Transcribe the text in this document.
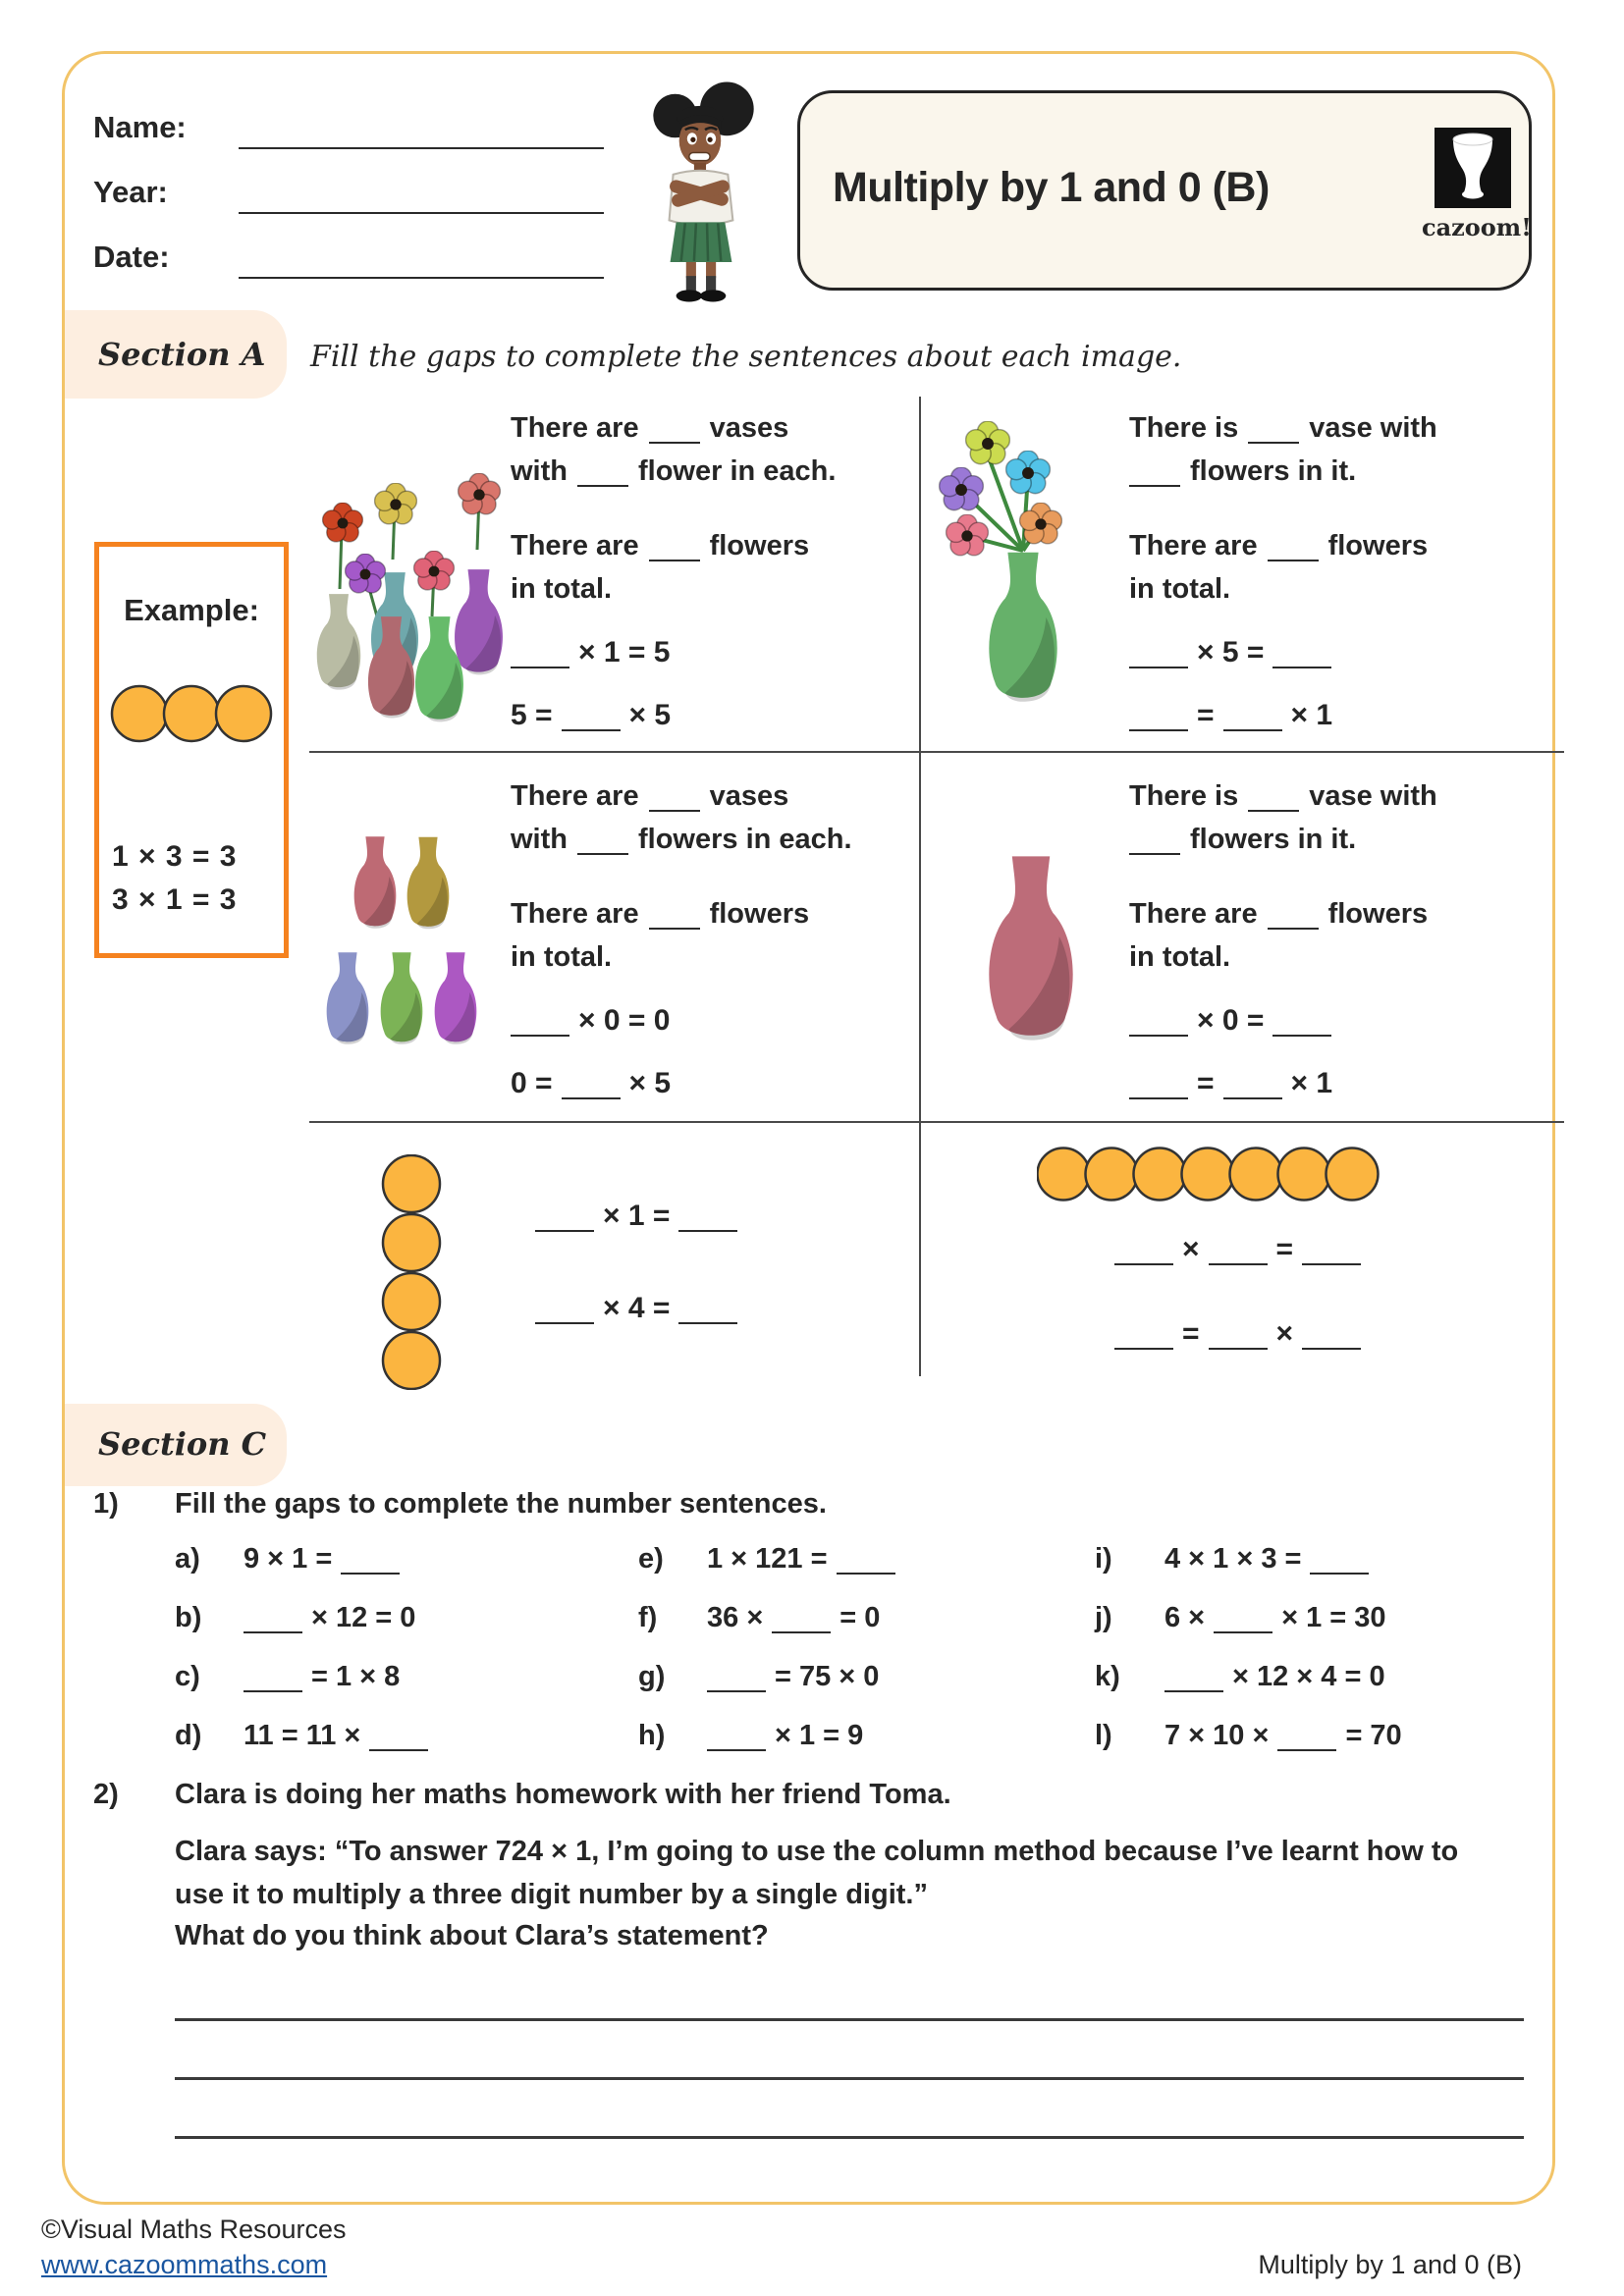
Name:
Year:
Date:
Multiply by 1 and 0 (B)
cazoom!
Section A Fill the gaps to complete the sentences about each image.
Example:
1 × 3 = 3
3 × 1 = 3
There are vases
with flower in each.
There are flowers
in total.
× 1 = 5
5 =	× 5
There is vase with
flowers in it.
There are flowers
in total.
× 5 =
=	× 1
There are vases
with flowers in each.
There are flowers
in total.
× 0 = 0
0 =	× 5
There is vase with
flowers in it.
There are flowers
in total.
× 0 =
=	× 1
× 1 =
× 4 =
×	=
=	×
Section C
1) Fill the gaps to complete the number sentences.
a) 9 × 1 =
b)	× 12 = 0
c)	= 1 × 8
d) 11 = 11 ×
e) 1 × 121 =
f) 36 ×	= 0
g)	= 75 × 0
h)	× 1 = 9
i) 4 × 1 × 3 =
j) 6 ×	× 1 = 30
k)	× 12 × 4 = 0
l) 7 × 10 ×	= 70
2) Clara is doing her maths homework with her friend Toma.
Clara says: “To answer 724 × 1, I’m going to use the column method because I’ve learnt how to use it to multiply a three digit number by a single digit.”
What do you think about Clara’s statement?
©Visual Maths Resources
www.cazoommaths.com	Multiply by 1 and 0 (B)
